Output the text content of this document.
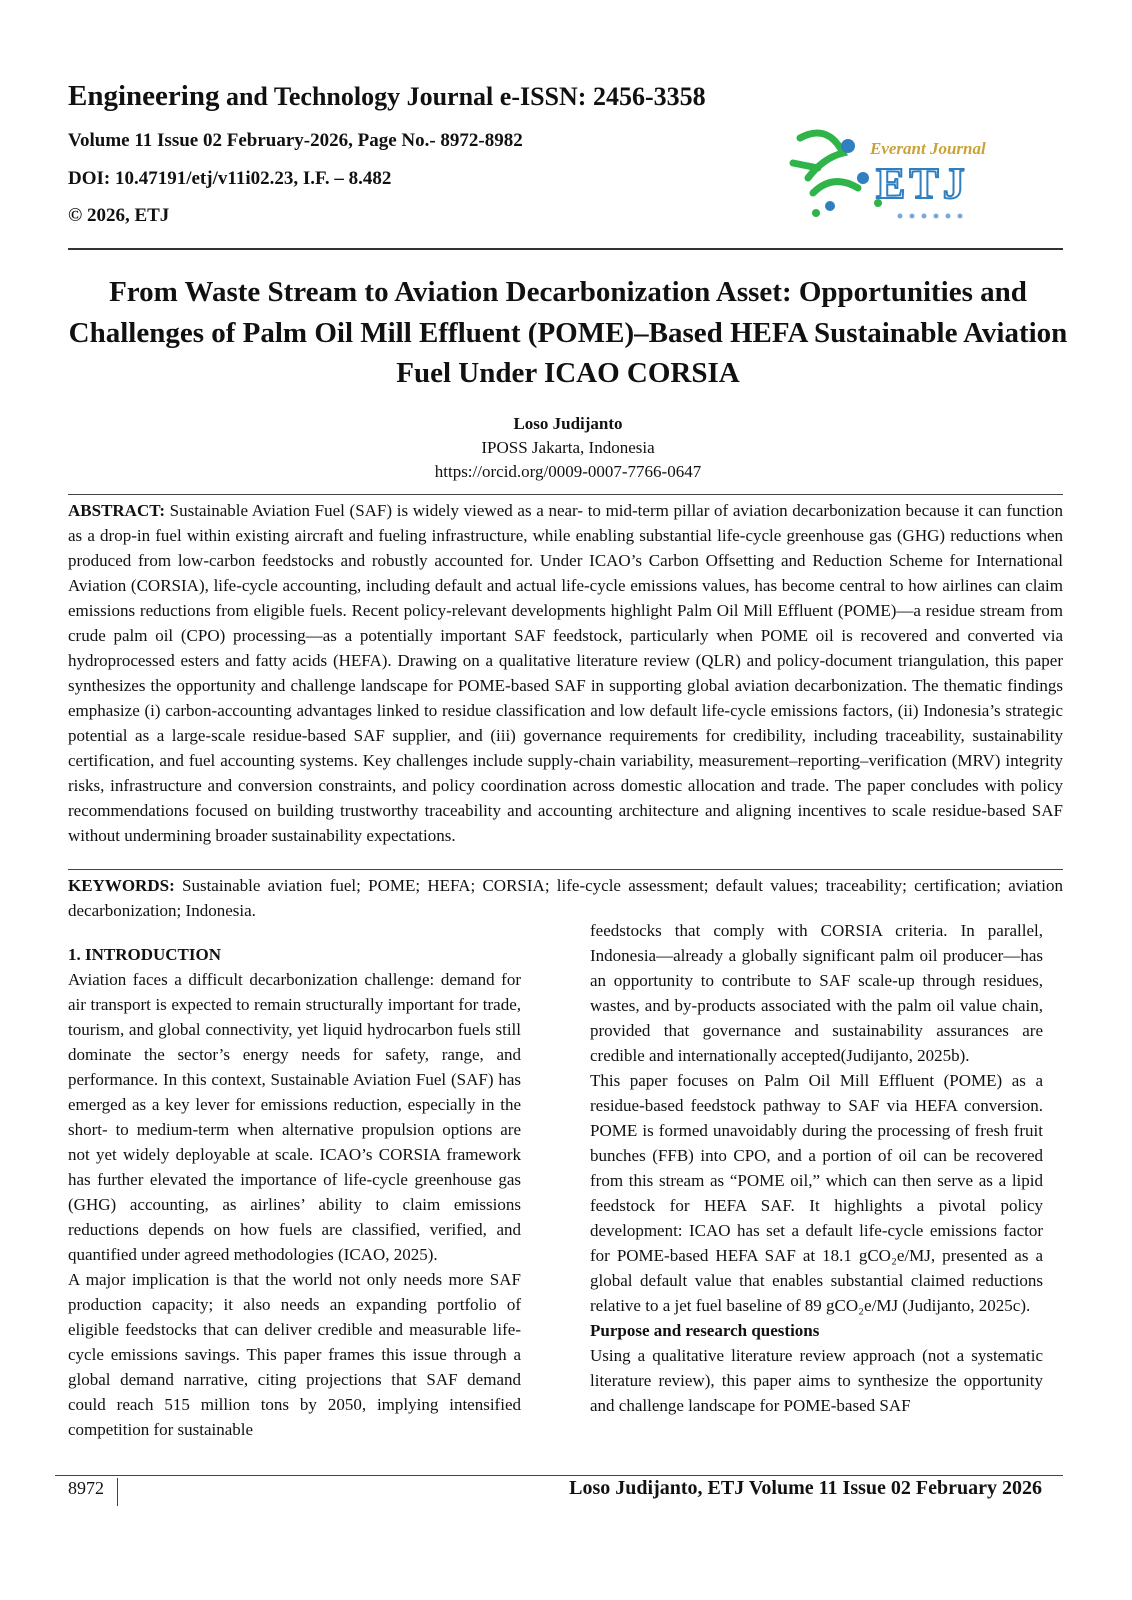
Engineering and Technology Journal e-ISSN: 2456-3358
Volume 11 Issue 02 February-2026, Page No.- 8972-8982
DOI: 10.47191/etj/v11i02.23, I.F. – 8.482
© 2026, ETJ
Everant Journal
ETJ
From Waste Stream to Aviation Decarbonization Asset: Opportunities and Challenges of Palm Oil Mill Effluent (POME)–Based HEFA Sustainable Aviation Fuel Under ICAO CORSIA
Loso Judijanto
IPOSS Jakarta, Indonesia
https://orcid.org/0009-0007-7766-0647
ABSTRACT: Sustainable Aviation Fuel (SAF) is widely viewed as a near- to mid-term pillar of aviation decarbonization because it can function as a drop-in fuel within existing aircraft and fueling infrastructure, while enabling substantial life-cycle greenhouse gas (GHG) reductions when produced from low-carbon feedstocks and robustly accounted for. Under ICAO’s Carbon Offsetting and Reduction Scheme for International Aviation (CORSIA), life-cycle accounting, including default and actual life-cycle emissions values, has become central to how airlines can claim emissions reductions from eligible fuels. Recent policy-relevant developments highlight Palm Oil Mill Effluent (POME)—a residue stream from crude palm oil (CPO) processing—as a potentially important SAF feedstock, particularly when POME oil is recovered and converted via hydroprocessed esters and fatty acids (HEFA). Drawing on a qualitative literature review (QLR) and policy-document triangulation, this paper synthesizes the opportunity and challenge landscape for POME-based SAF in supporting global aviation decarbonization. The thematic findings emphasize (i) carbon-accounting advantages linked to residue classification and low default life-cycle emissions factors, (ii) Indonesia’s strategic potential as a large-scale residue-based SAF supplier, and (iii) governance requirements for credibility, including traceability, sustainability certification, and fuel accounting systems. Key challenges include supply-chain variability, measurement–reporting–verification (MRV) integrity risks, infrastructure and conversion constraints, and policy coordination across domestic allocation and trade. The paper concludes with policy recommendations focused on building trustworthy traceability and accounting architecture and aligning incentives to scale residue-based SAF without undermining broader sustainability expectations.
KEYWORDS: Sustainable aviation fuel; POME; HEFA; CORSIA; life-cycle assessment; default values; traceability; certification; aviation decarbonization; Indonesia.

1. INTRODUCTION

Aviation faces a difficult decarbonization challenge: demand for air transport is expected to remain structurally important for trade, tourism, and global connectivity, yet liquid hydrocarbon fuels still dominate the sector’s energy needs for safety, range, and performance. In this context, Sustainable Aviation Fuel (SAF) has emerged as a key lever for emissions reduction, especially in the short- to medium-term when alternative propulsion options are not yet widely deployable at scale. ICAO’s CORSIA framework has further elevated the importance of life-cycle greenhouse gas (GHG) accounting, as airlines’ ability to claim emissions reductions depends on how fuels are classified, verified, and quantified under agreed methodologies (ICAO, 2025).

A major implication is that the world not only needs more SAF production capacity; it also needs an expanding portfolio of eligible feedstocks that can deliver credible and measurable life-cycle emissions savings. This paper frames this issue through a global demand narrative, citing projections that SAF demand could reach 515 million tons by 2050, implying intensified competition for sustainable

feedstocks that comply with CORSIA criteria. In parallel, Indonesia—already a globally significant palm oil producer—has an opportunity to contribute to SAF scale-up through residues, wastes, and by-products associated with the palm oil value chain, provided that governance and sustainability assurances are credible and internationally accepted(Judijanto, 2025b).

This paper focuses on Palm Oil Mill Effluent (POME) as a residue-based feedstock pathway to SAF via HEFA conversion. POME is formed unavoidably during the processing of fresh fruit bunches (FFB) into CPO, and a portion of oil can be recovered from this stream as “POME oil,” which can then serve as a lipid feedstock for HEFA SAF. It highlights a pivotal policy development: ICAO has set a default life-cycle emissions factor for POME-based HEFA SAF at 18.1 gCO₂e/MJ, presented as a global default value that enables substantial claimed reductions relative to a jet fuel baseline of 89 gCO₂e/MJ (Judijanto, 2025c).

Purpose and research questions

Using a qualitative literature review approach (not a systematic literature review), this paper aims to synthesize the opportunity and challenge landscape for POME-based SAF

8972	Loso Judijanto, ETJ Volume 11 Issue 02 February 2026
